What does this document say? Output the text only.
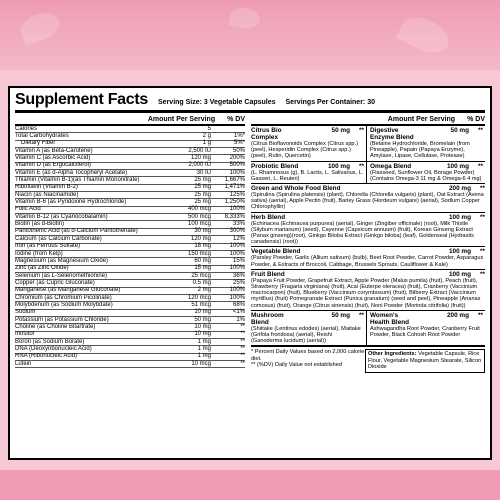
Supplement Facts Serving Size: 3 Vegetable Capsules Servings Per Container: 30
Amount Per Serving % DV
Calories	5
Total Carbohydrates	2 g	1%*
Dietary Fiber	1 g	5%*
Vitamin A (as Beta-Carotene)	2,500 IU	50%
Vitamin C (as Ascorbic Acid)	120 mg	200%
Vitamin D (as Ergocalciferol)	2,000 IU	500%
Vitamin E (as d-Alpha Tocopheryl Acetate)	30 IU	100%
Thiamin (Vitamin B-1)(as Thiamin Mononitrate)	25 mg	1,667%
Riboflavin (Vitamin B-2)	25 mg	1,471%
Niacin (as Niacinamide)	25 mg	125%
Vitamin B-6 (as Pyridoxine Hydrochloride)	25 mg	1,250%
Folic Acid	400 mcg	100%
Vitamin B-12 (as Cyanocobalamin)	500 mcg	8,333%
Biotin (as d-Biotin)	100 mcg	33%
Pantothenic Acid (as d-Calcium Pantothenate)	30 mg	300%
Calcium (as Calcium Carbonate)	120 mg	12%
Iron (as Ferrous Sulfate)	18 mg	100%
Iodine (from Kelp)	150 mcg	100%
Magnesium (as Magnesium Oxide)	60 mg	15%
Zinc (as Zinc Oxide)	15 mg	100%
Selenium (as L-Selenomethionine)	25 mcg	36%
Copper (as Cupric Gluconate)	0.5 mg	25%
Manganese (as Manganese Gluconate)	2 mg	100%
Chromium (as Chromium Picolinate)	120 mcg	100%
Molybdenum (as Sodium Molybdate)	51 mcg	68%
Sodium	10 mg	<1%
Potassium (as Potassium Chloride)	50 mg	1%
Choline (as Choline Bitartrate)	10 mg	**
Inositol	10 mg	**
Boron (as Sodium Borate)	1 mg	**
DNA (Deoxyribonucleic Acid)	1 mg	**
RNA (Ribonucleic Acid)	1 mg	**
Lutein	10 mcg	**
Amount Per Serving % DV
Citrus Bio Complex
50 mg	**
(Citrus Bioflavonoids Complex (Citrus spp.) (peel), Hesperidin Complex (Citrus spp.) (peel), Rutin, Quercetin)
Digestive Enzyme Blend
50 mg	**
(Betaine Hydrochloride, Bromelain (from Pineapple), Papain (Papaya Enzyme), Amylase, Lipase, Cellulase, Protease)
Probiotic Blend	100 mg	**
(L. Rhamnosus (g), B. Lactis, L. Salivarius, L. Gasseri, L. Reuteri)
Omega Blend	100 mg	**
(Flaxseed, Sunflower Oil, Borage Powder) (Contains Omega-3 11 mg & Omega-6 4 mg)
Green and Whole Food Blend	200 mg	**
(Spirulina (Spirulina platensis) (plant), Chlorella (Chlorella vulgaris) (plant), Oat Extract (Avena sativa) (aerial), Apple Pectin (fruit), Barley Grass (Hordeum vulgare) (aerial), Sodium Copper Chlorophyllin)
Herb Blend	100 mg	**
(Echinacea (Echinacea purpurea) (aerial), Ginger (Zingiber officinale) (root), Milk Thistle (Silybum marianum) (seed), Cayenne (Capsicum annuum) (fruit), Korean Ginseng Extract (Panax ginseng)(root), Ginkgo Biloba Extract (Ginkgo biloba) (leaf), Goldenseal (Hydrastis canadensis) (root))
Vegetable Blend	100 mg	**
(Parsley Powder, Garlic (Allium sativum) (bulb), Beet Root Powder, Carrot Powder, Asparagus Powder, & Extracts of Broccoli, Cabbage, Brussels Sprouts, Cauliflower & Kale)
Fruit Blend	100 mg	**
(Papaya Fruit Powder, Grapefruit Extract, Apple Powder (Malus pumila) (fruit), Peach (fruit), Strawberry (Fragaria virginiana) (fruit), Acai (Euterpe oleracea) (fruit), Cranberry (Vaccinium macrocarpon) (fruit), Blueberry (Vaccinium corymbosum) (fruit), Bilberry Extract (Vaccinium myrtillus) (fruit) Pomegranate Extract (Punica granatum) (seed and peel), Pineapple (Ananas comosus) (fruit), Orange (Citrus sinensis) (fruit), Noni Powder (Morinda citrifolia) (fruit))
Mushroom Blend
50 mg	**
(Shiitake (Lentinus edodes) (aerial), Maitake (Grifola frondosa) (aerial), Reishi (Ganoderma lucidum) (aerial))
Women's Health Blend
200 mg	**
Ashwagandha Root Powder, Cranberry Fruit Powder, Black Cohosh Root Powder
* Percent Daily Values based on 2,000 calorie diet.
** (%DV) Daily Value not established
Other Ingredients: Vegetable Capsule, Rice Flour, Vegetable Magnesium Stearate, Silicon Dioxide
